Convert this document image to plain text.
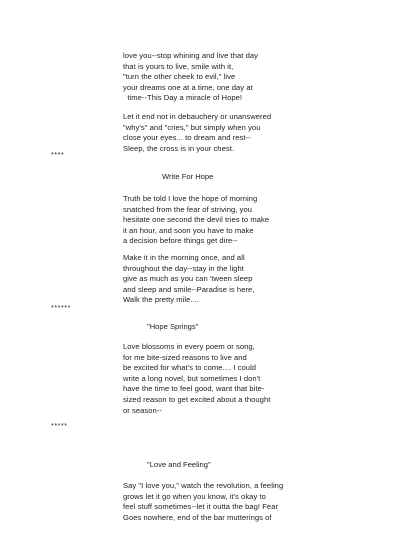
love you--stop whining and live that day
that is yours to live, smile with it,
"turn the other cheek to evil," live
your dreams one at a time, one day at
time--This Day a miracle of Hope!
Let it end not in debauchery or unanswered
"why's" and "cries," but simply when you
close your eyes... to dream and rest--
Sleep, the cross is in your chest.
****
Write For Hope
Truth be told I love the hope of morning
snatched from the fear of striving, you
hesitate one second the devil tries to make
it an hour, and soon you have to make
a decision before things get dire--
Make it in the morning once, and all
throughout the day--stay in the light
give as much as you can 'tween sleep
and sleep and smile--Paradise is here,
Walk the pretty mile....
******
"Hope Springs"
Love blossoms in every poem or song,
for me bite-sized reasons to live and
be excited for what's to come.... I could
write a long novel, but sometimes I don't
have the time to feel good, want that bite-
sized reason to get excited about a thought
or season--
*****
"Love and Feeling"
Say "I love you," watch the revolution, a feeling
grows let it go when you know, it's okay to
feel stuff sometimes--let it outta the bag! Fear
Goes nowhere, end of the bar mutterings of
